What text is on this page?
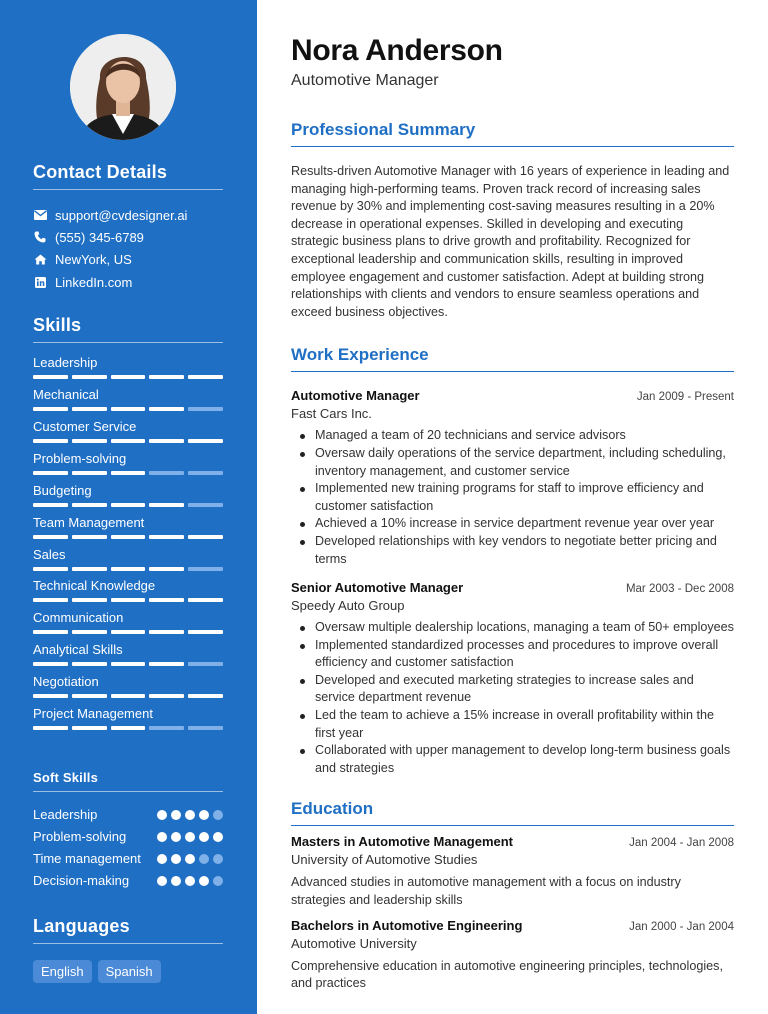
Contact Details
support@cvdesigner.ai
(555) 345-6789
NewYork, US
LinkedIn.com
Skills
Leadership
Mechanical
Customer Service
Problem-solving
Budgeting
Team Management
Sales
Technical Knowledge
Communication
Analytical Skills
Negotiation
Project Management
Soft Skills
Leadership
Problem-solving
Time management
Decision-making
Languages
English	Spanish
Nora Anderson
Automotive Manager
Professional Summary

Results-driven Automotive Manager with 16 years of experience in leading and managing high-performing teams. Proven track record of increasing sales revenue by 30% and implementing cost-saving measures resulting in a 20% decrease in operational expenses. Skilled in developing and executing strategic business plans to drive growth and profitability. Recognized for exceptional leadership and communication skills, resulting in improved employee engagement and customer satisfaction. Adept at building strong relationships with clients and vendors to ensure seamless operations and exceed business objectives.

Work Experience
Automotive Manager	Jan 2009 - Present
Fast Cars Inc.
Managed a team of 20 technicians and service advisors
Oversaw daily operations of the service department, including scheduling, inventory management, and customer service
Implemented new training programs for staff to improve efficiency and customer satisfaction
Achieved a 10% increase in service department revenue year over year
Developed relationships with key vendors to negotiate better pricing and terms
Senior Automotive Manager	Mar 2003 - Dec 2008
Speedy Auto Group
Oversaw multiple dealership locations, managing a team of 50+ employees
Implemented standardized processes and procedures to improve overall efficiency and customer satisfaction
Developed and executed marketing strategies to increase sales and service department revenue
Led the team to achieve a 15% increase in overall profitability within the first year
Collaborated with upper management to develop long-term business goals and strategies
Education
Masters in Automotive Management	Jan 2004 - Jan 2008
University of Automotive Studies

Advanced studies in automotive management with a focus on industry strategies and leadership skills

Bachelors in Automotive Engineering	Jan 2000 - Jan 2004
Automotive University

Comprehensive education in automotive engineering principles, technologies, and practices
